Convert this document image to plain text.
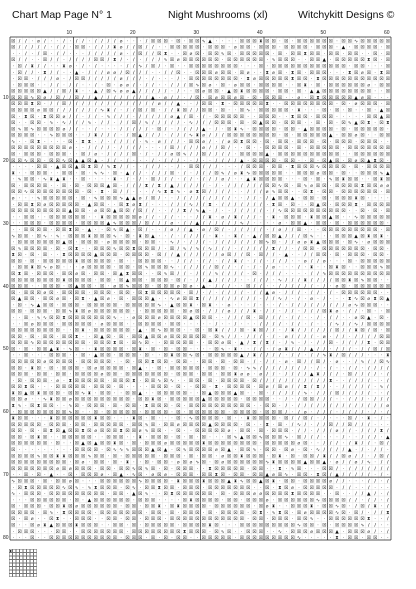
Chart Map Page N° 1	Night Mushrooms (xl)	Witchykitt Designs ©
10	20	30	40	50	60
10
20
30
40
50
60
70
80
☒ / / · ⌀ / · · / · / / · / / / / ⌀ · · · / ☒ ☒ ☒ · ☒ · ☒ ☒ ∿ ▲ · · · · ☒ ☒ ☒ ⧗ ☒ ☒ · ☒ · ☒ ☒ ☒ ☒ ☒ ☒ · ☒ ☒ ∿ ☒ ☒ ☒ ☒ ☒
☒ / / / / / · / / · ☒ ☒ · / / / ⧗ ⌀ / / ☒ / / · · ☒ ☒ ☒ ☒ ☒ · ☒ ☒ ☒ · ⌀ ☒ ☒ · ☒ ☒ ☒ · ☒ ☒ ☒ ☒ · ☒ ☒ ☒ · ▲ · ☒ ☒ ☒ ☒ · ☒
· · / · / ☒ · / / · · · / / / / / ⌀ · / ☒ / / ☒ ⧗ · · ☒ ⌀ ☒ · ☒ ☒ ∿ ☒ · ☒ ☒ ☒ ☒ ☒ · ☒ · ☒ ☒ ⧗ ☒ ☒ · ☒ ☒ · ☒ ☒ · · ☒ · ☒
☒ / / · · ☒ / / · / / / / ☒ ☒ / ⧗ / · / · / / / ∿ ☒ ⌀ ☒ ☒ ☒ ☒ ☒ ☒ · ☒ ☒ ☒ ☒ ☒ ☒ · ∿ ☒ ☒ ☒ · · ☒ ☒ ▲ · ☒ ☒ ☒ ☒ ☒ ⧗ ☒ · ☒
· ☒ / ⧗ / / · · ⧗ ⌀ · / · / · · · · / / ∿ / ☒ / · ☒ · · ☒ ☒ ☒ ☒ ☒ ☒ ☒ ☒ · · · ☒ · ☒ ☒ ☒ ☒ ☒ ☒ ☒ ☒ ☒ ☒ ☒ ☒ · ☒ ☒ · · · ☒
· ☒ / / · ⧗ / / · · ▲ · / / / ⌀ ⌀ / ☒ / / / · · / / ☒ · · ☒ ☒ ☒ ⌀ ☒ ☒ · ☒ ⌀ · · ⧗ ⌀ ☒ · ⧗ ☒ · ☒ ☒ ☒ · · · ⧗ ☒ ⌀ ☒ · ⧗ ☒
· ☒ ☒ · / / / ⌀ · / ☒ ☒ / / / / / ⌀ / / / · / · · · / · ☒ ☒ ☒ ☒ ☒ ☒ ☒ ☒ · ⧗ ⌀ ☒ ☒ ☒ ☒ ☒ ⧗ ☒ ☒ · ⧗ ☒ ☒ ☒ ☒ ☒ ☒ ☒ ☒ ☒ ☒ ☒
· ☒ ☒ ☒ · · / / · / / · · / · ☒ · ⌀ ⌀ / · / / · · / / / ☒ ∿ ☒ ⌀ · ☒ · ⌀ ☒ ☒ · ☒ ☒ ☒ ☒ · · ☒ ⧗ · ☒ · ☒ ☒ ☒ ☒ ☒ ☒ ⌀ · ☒ ☒
☒ ☒ ☒ ☒ ☒ ▲ / / ☒ / ⧗ · · ▲ / ☒ ∿ ⌀ ⌀ ▲ / / / / / · / · · ☒ ⌀ ☒ ☒ · ▲ ☒ ⧗ ☒ ☒ ☒ ☒ · ☒ ☒ · ☒ · ▲ ▲ ☒ ☒ ☒ ☒ ☒ ☒ ☒ ☒ · · ☒
☒ ☒ ☒ ∿ ☒ ⌀ / ☒ / / ☒ / / ▲ / / / / / / / / ▲ · ⌀ / / · / ☒ · ☒ ⌀ ☒ ☒ ⌀ ☒ · ☒ · ☒ ☒ ☒ · · ⌀ · ☒ ⧗ ☒ ☒ ☒ ☒ ☒ ▲ ⌀ ☒ · · ·
☒ ☒ ☒ ⧗ ☒ · / / ☒ / / / / / / / / / / / / / / ⌀ / / ▲ · · / ☒ ☒ · ⧗ · ☒ ☒ ☒ ☒ ☒ ⧗ · · ☒ ☒ ☒ ☒ ☒ ☒ ☒ ☒ · ☒ · ⌀ ☒ ☒ ☒ · ☒
☒ ☒ ☒ ☒ ⌀ ☒ ☒ / / / / / / / ∿ ⧗ / · / / ☒ / ☒ · / / ⧗ ☒ / / ☒ ☒ · ☒ · · ☒ ∿ · ☒ ☒ ☒ ☒ ☒ · ⧗ · · · ☒ · ☒ · ☒ · · ☒ · ▲ ☒
☒ · ⧗ ☒ · ⧗ ☒ ☒ ⌀ / / · / / · ∿ / / / · / / / / / ⌀ ▲ / ☒ · / · ☒ ☒ ☒ ☒ ☒ · · ☒ ☒ ☒ · · ⧗ ☒ ☒ · ☒ ☒ ☒ · · · · · ☒ ☒ ▲ ☒
☒ · · ☒ ☒ · ∿ · ∿ / / / ∿ · / / · / / ☒ / ∿ / / / / / · ∿ / / / ☒ ☒ ☒ · ☒ · ☒ ▲ ☒ ☒ · ☒ ☒ ☒ · · ☒ · ☒ · ☒ ∿ ▲ ☒ ⧗ · ☒ ⧗
☒ ∿ ☒ ∿ ☒ ☒ ☒ ☒ ⌀ / / · · / · · · / / / / / · ☒ / · / / / / ▲ · / · ☒ ⧗ ∿ · ☒ ☒ ☒ ☒ · ☒ ☒ · ▲ ☒ ☒ ☒ ☒ · ☒ · ☒ ☒ ☒ ☒ ☒ ·
☒ ☒ ☒ ☒ · · ∿ ☒ ☒ ☒ · · / ⧗ / / / · / ☒ ▲ / / / · / / / ∿ ⧗ ⌀ / / / ☒ ☒ ☒ ☒ ☒ ☒ ☒ ☒ · ☒ · ☒ ☒ ☒ ☒ ☒ ▲ · ☒ ☒ ⌀ ☒ · · ☒ ☒
∿ · · ☒ ⧗ · · · · ☒ · ⧗ ⧗ · / · / / / / · ∿ · ⌀ / / / · ☒ ☒ ⌀ / · / ⌀ ☒ ⧗ ☒ ☒ · ☒ · ☒ ☒ · ☒ ☒ ☒ · ☒ · ☒ ☒ ☒ · ☒ ☒ ☒ · ·
☒ ☒ ☒ ☒ ☒ ☒ ☒ ☒ ☒ ⌀ · · / / / / · / / / / · · · / ☒ / / / / ⌀ / / ☒ / · · ☒ · · ☒ ☒ ☒ ☒ · ☒ · ☒ ☒ ☒ ☒ ☒ · ☒ ☒ ☒ ☒ ☒ ☒ ☒
☒ · ☒ ☒ ☒ · ☒ ☒ ☒ · · ☒ / ⌀ · / / / / ☒ · / · / / ⌀ ☒ ∿ / / ☒ / / / / · ☒ ☒ ☒ ☒ ▲ · ☒ ☒ ☒ ☒ ☒ ☒ ☒ ☒ ☒ ☒ · · ☒ ☒ ☒ ☒ ☒ ☒
☒ ☒ ∿ ☒ ☒ · ☒ ☒ ∿ ☒ ▲ ▲ ☒ ▲ · / / · / · · · / · / / / · · / · · / / / / ▲ · ☒ ☒ ☒ ☒ · ☒ ☒ · · ☒ · ☒ ▲ ☒ · ☒ ⌀ ☒ ▲ ⧗ ☒ ·
· · · · ☒ ☒ · ▲ ☒ ☒ ▲ ☒ ⧗ ☒ / ∿ ⧗ / / · · / / / · · / · ☒ ☒ / / / · · · / ☒ ☒ ☒ · ☒ ☒ · ⧗ ☒ ☒ ☒ ∿ ☒ ☒ ☒ ☒ · ☒ · ☒ ☒ ☒ ☒
⧗ · · ☒ ☒ ☒ · · ☒ ☒ · ☒ · ∿ ∿ · ☒ · ▲ / / · / / / ☒ · / · / / / ☒ ∿ / ⌀ ⧗ ∿ ☒ ☒ ☒ ☒ ☒ · · ☒ ☒ ☒ ⌀ ☒ ☒ · ☒ · · ☒ ☒ ☒ ∿ ▲
· ∿ ☒ ☒ · ∿ ⧗ ▲ ⧗ · · ☒ · · · · ⧗ · / · / · ☒ / / / · / / · / / / ⌀ / · · ▲ ⧗ ☒ ☒ ☒ ☒ · · · ☒ · ☒ · ∿ ☒ ⧗ ☒ ☒ · · ☒ ⧗ ☒
☒ · ☒ ☒ ☒ ☒ · · ☒ · ☒ · ☒ ☒ ☒ ▲ ☒ · / / / ⧗ / ⧗ / ▲ / / / / / · / · / / / / / / ☒ ☒ ∿ ☒ · ☒ ∿ ⌀ ☒ ☒ · ☒ ☒ ☒ ☒ ⧗ ☒ ☒ ⌀ ⌀
☒ ☒ ∿ ☒ ☒ ☒ ☒ ☒ ☒ ☒ ☒ · ☒ · ⧗ · ☒ / / · · · / ∿ ⧗ ⧗ ∿ · ⌀ ⧗ ☒ / / / / · · / / / ⌀ ∿ ☒ ☒ · · ☒ ⧗ · ☒ ☒ · ☒ ☒ ☒ ☒ ☒ ☒ · ☒
⌀ · · · ∿ ☒ ☒ ☒ ☒ ☒ · ☒ · ∿ ☒ ☒ ☒ ∿ ▲ ▲ ⌀ / ☒ / · · / / / / / / / / / · · / / · / ▲ ☒ ☒ ▲ · ☒ ☒ · ☒ · ☒ ☒ ☒ ⧗ ☒ · · · ·
· ☒ ☒ ⧗ ☒ ⌀ ☒ ☒ ☒ ☒ ☒ · ▲ ☒ ☒ · · ☒ ⧗ ⌀ ⧗ / · · · / / / ∿ / / ⧗ · / / / / / / / · ⧗ ☒ · ☒ · · ☒ ▲ ☒ · ☒ ☒ ☒ ⧗ · ☒ ☒ ☒ ☒
☒ ☒ ☒ ☒ ☒ ☒ ☒ ☒ ☒ ▲ ☒ ☒ · ⌀ ☒ ☒ ▲ ☒ ☒ / ☒ / / · · / / ⧗ / ∿ ▲ · / · · / / / / / · / ∿ ☒ ☒ ☒ ☒ ☒ ☒ ☒ ☒ ☒ ☒ · · ☒ · ☒ · ☒
· · ☒ ☒ · · ☒ ☒ ☒ ☒ ☒ ☒ · · ⧗ ☒ ☒ ☒ ☒ ☒ ⌀ / / · / / · · · / / ⧗ · ⌀ / ⧗ / / / · · ⧗ · ☒ ☒ ☒ · ⧗ ☒ ☒ ▲ ☒ · · ∿ ☒ ☒ ☒ ☒ ☒
· · ☒ ☒ ☒ · ☒ ☒ ☒ ☒ · ☒ ☒ ☒ ☒ ▲ ∿ ☒ ☒ ☒ / ☒ / / / ⌀ · / / ▲ / / / / / / ∿ / · · · · ⌀ · ☒ ☒ ▲ · ☒ ☒ · ☒ · ☒ ☒ ☒ ☒ ☒ ☒ ·
· · ☒ ☒ ☒ ☒ · ☒ ☒ ⧗ ☒ · ▲ · · ☒ ∿ ☒ ▲ · ☒ / · · / ⌀ / / ▲ · ⌀ / ☒ / · / / / / / · / ⌀ / / ☒ · · · ☒ ☒ ☒ ☒ ☒ ☒ ☒ ☒ ☒ · ☒
∿ ☒ ☒ · ☒ ∿ · ∿ · ☒ ☒ ☒ ⧗ ☒ ☒ ☒ ∿ · ☒ · ⧗ ☒ ▲ · · / · / / / / · ⧗ · · ⧗ / · ▲ / ☒ ☒ ▲ / / / ☒ ∿ · · · ☒ ☒ ☒ ▲ ☒ ⧗ ☒ ⧗ ·
· ☒ ☒ ☒ ☒ ☒ ☒ ☒ ▲ ☒ · ☒ ☒ ☒ · ⌀ ☒ ☒ ☒ ☒ · ☒ ☒ · · ∿ / · / / / · / / / / / / / ☒ ∿ ☒ · / / ⌀ ⌀ ⧗ ▲ ☒ ☒ ☒ · ☒ ∿ · ⌀ ☒ ☒ ☒
☒ ∿ ☒ ☒ ☒ ☒ · ☒ · ☒ ⧗ · · ☒ ☒ ☒ ∿ ☒ ☒ ⧗ ☒ ☒ ☒ / · ☒ / ∿ / ∿ / ∿ / / / · / / / / / ⧗ / / · / ☒ ☒ · ☒ ☒ ☒ ☒ ☒ ☒ ☒ · ☒ ☒ ·
⧗ ☒ · ☒ · ☒ · · ⧗ ☒ ☒ ☒ ☒ ▲ ☒ ☒ ☒ · ☒ ☒ ☒ ☒ · ☒ / / ▲ / / / / / / ⌀ ☒ / / ☒ · ☒ / / · ▲ · · / / ☒ ☒ · ☒ · ☒ ☒ ☒ · ☒ ☒ ·
☒ ☒ · ☒ · ☒ ☒ ☒ ☒ ☒ ⧗ ☒ ☒ ☒ ☒ ☒ · ☒ · · ☒ ☒ ☒ ☒ · · / / / · / / · / / ⧗ / · / / · / / / · · ⌀ / / ⌀ · · · ☒ · ☒ ☒ ☒ ☒ ☒
· ☒ ☒ ⧗ ☒ ∿ ⌀ ☒ · · · ⌀ ☒ ☒ ☒ ☒ · ☒ ☒ · ☒ ∿ ☒ ☒ ☒ ∿ · / / / / / ☒ / / · / · / · / ⌀ · · · / · ⧗ · · ☒ ⧗ ☒ · · ☒ ☒ ☒ ∿ ☒
☒ ⧗ ☒ · ☒ ☒ ☒ · ☒ ☒ ⌀ ☒ · ☒ ☒ · ☒ ▲ ⧗ ☒ ☒ · · ☒ ∿ ☒ / / · / / / ∿ / / / / · ☒ · / / / · · · · / / ∿ ☒ ☒ ☒ ☒ ☒ ☒ ☒ ☒ ☒ ☒
☒ ☒ ☒ ☒ ☒ ☒ ☒ ☒ ⧗ ☒ ☒ ☒ ☒ · ☒ ☒ · ☒ ▲ ☒ ☒ · ☒ ☒ ☒ · ☒ / · / / ▲ / / / / · · / / / · ∿ / / / ⧗ / / / / ☒ ☒ ⧗ ☒ ∿ ☒ ☒ · ·
☒ ☒ ☒ · · ☒ ☒ ☒ · ☒ ▲ ☒ ☒ · ☒ · ⌀ ☒ ∿ ☒ ☒ ☒ · ☒ ☒ ☒ ⌀ ☒ ⌀ · ▲ · / / / · · ☒ / / · · / / / / / / · / · ⌀ ☒ · ☒ ☒ ☒ ☒ ☒ ☒
☒ · ☒ ☒ ☒ ⌀ ☒ · ☒ ☒ ☒ ☒ · ☒ ☒ ☒ · ☒ ☒ · ☒ ⧗ ☒ ☒ ☒ ☒ ☒ · ☒ / · / · / / / / · / / ▲ ⌀ · / / / · / / · / · ☒ ☒ ☒ ☒ ☒ ☒ · ·
☒ ▲ ☒ ☒ · ☒ ☒ ⌀ ☒ · ☒ ⧗ · ▲ ☒ ⌀ · ☒ · ☒ ☒ ☒ ▲ · · ∿ ⌀ ☒ ☒ ⧗ / / / / / / / / / · / / ∿ / · / · ⌀ · / · · · ⧗ ∿ ☒ ⌀ ⧗ ☒ ▲
· ☒ · ∿ ▲ ☒ ☒ · ☒ ☒ ☒ · ☒ ☒ ☒ ☒ ☒ · ☒ ☒ ☒ ☒ ☒ ∿ · ▲ ☒ ☒ ⧗ · ☒ ⧗ · · ⌀ · · · / · · · / · / / / / / / / / / ⌀ ∿ ☒ ☒ ☒ · ·
☒ ☒ · ☒ ☒ ☒ · ☒ ☒ ∿ ⧗ ☒ ⌀ ☒ ☒ ☒ ☒ ☒ ☒ · · ☒ ☒ ☒ ☒ ☒ · ☒ ⌀ ☒ · / / / ⌀ / / / ⧗ · / / · / / · / / / ☒ ⧗ ⌀ · / / · ☒ · · ☒
· · ☒ · ∿ ∿ ☒ ☒ ⧗ ☒ ☒ ☒ ☒ ☒ ☒ ☒ ∿ · · ⌀ ☒ ☒ ☒ ⌀ ☒ ☒ ☒ ☒ ▲ ☒ ☒ ☒ · · / / / ☒ · ☒ / / / · / / · · / · / / · · ⌀ ☒ ▲ · ☒ ·
· · ☒ ⌀ ☒ ☒ ☒ · ☒ ☒ ☒ ☒ ☒ · ⌀ ☒ ☒ ☒ · · ☒ ☒ ☒ ☒ · ☒ ☒ · · · · · / · · / · · · / / / / · / / · / · · / ∿ / / ∿ / ☒ ☒ ☒ ☒
☒ ☒ ☒ ☒ ☒ ☒ ☒ ☒ · · ☒ ⧗ · ☒ ☒ ☒ ☒ ☒ ☒ · ▲ · ☒ ∿ ☒ ☒ ☒ · · ☒ · ☒ ⧗ / / / ☒ · ⧗ ☒ / / · / ⧗ / / / / / / ☒ / / ⧗ ☒ / ☒ · ☒
☒ ☒ · ☒ · ☒ ☒ · ☒ ☒ ⧗ · · ☒ ▲ ☒ · ☒ · ☒ ☒ ▲ ☒ ☒ ⌀ ☒ ☒ ☒ ☒ ☒ ☒ · ☒ ∿ / / · / / / · / · ⌀ / / / / · ⌀ · / / · / / / / ☒ ☒
☒ ☒ ☒ ∿ ☒ ☒ ☒ ☒ ☒ ☒ ☒ ☒ · ☒ ☒ ☒ ⧗ ☒ · ☒ ∿ ☒ · · ☒ ☒ ☒ ☒ ☒ · · ☒ ☒ ⌀ ☒ · ▲ / ⧗ / ⧗ / · / ∿ · / · / / ☒ · / / / / ⧗ · ☒ ☒
☒ · ☒ · ☒ ☒ ▲ ⧗ · ∿ ☒ · · ⧗ ☒ ☒ ☒ ☒ · ☒ ⧗ · ☒ · ☒ · ☒ ☒ · · · · ☒ ∿ · ⧗ · · / / · / ⌀ ⧗ / / / ▲ / / · / / / · / / ☒ / ☒
· · ☒ · · · ☒ ☒ ☒ · · ☒ · ▲ ☒ ☒ · ☒ ☒ ☒ · ☒ · · ☒ ⧗ ☒ ☒ ∿ ☒ · ☒ ☒ ☒ ☒ ☒ ▲ / ⧗ / / / / · / / · / / ∿ ⧗ / ☒ / / / · · · ⧗
☒ ☒ ☒ ☒ ☒ ⌀ ☒ ☒ ☒ ☒ · ☒ ☒ ☒ ☒ ☒ · · ☒ · ☒ ☒ ⧗ ☒ ☒ · ☒ ☒ · · ☒ ☒ · ☒ · ☒ ☒ · / · / / · ⌀ · ☒ / / ☒ / · ⌀ · · / ∿ / / ☒ ∿
☒ ☒ · ⧗ ☒ · ☒ · ☒ ☒ ☒ · ☒ ⌀ ☒ ☒ ☒ ☒ · ☒ ▲ · · ☒ · ☒ ☒ ☒ ☒ ☒ · ☒ ☒ ☒ · ☒ · ∿ ∿ / / / / / / / / · / · / · · / / · / / / /
☒ ☒ ☒ · ☒ ☒ · ☒ ☒ · ☒ ☒ ☒ ☒ ⌀ ☒ ☒ · ☒ ☒ ☒ ☒ ☒ ☒ ☒ · ☒ ☒ ☒ · ☒ ☒ · ☒ ☒ ⧗ ⌀ ⌀ · ⌀ / / · / / / / ▲ ⧗ / / / · ☒ / / / / · /
· ☒ · ☒ ☒ ☒ · ⌀ · ⧗ ☒ ☒ ☒ ☒ ☒ · ☒ ☒ ☒ ⧗ · ☒ ☒ ∿ ☒ ∿ · · ☒ ☒ · ☒ · ☒ ☒ ☒ ☒ · ☒ / / / / / / / / / / / ⧗ · · / / / / · · /
☒ ☒ ⧗ ☒ · · · ☒ ☒ ☒ ☒ ☒ · ☒ ☒ ☒ · ☒ · · · · ☒ ☒ ☒ · ☒ · · ☒ ☒ · ⧗ · ☒ ☒ ☒ ☒ · ☒ ⌀ / ☒ ⌀ / / ⧗ / ⧗ / · · / / / / / · ∿ /
⧗ ☒ ▲ ☒ ⧗ ☒ ☒ ☒ · ☒ ☒ ∿ ⧗ · ☒ ☒ · · ☒ ☒ ▲ · · ☒ ☒ ☒ ☒ ☒ · · ☒ ▲ ☒ ☒ ☒ ▲ ☒ · · ☒ · / / / / / ∿ · / / / ☒ / / / / / · · /
☒ ☒ ⌀ · · ∿ ⧗ ☒ ☒ ⌀ ☒ ☒ ☒ ☒ ☒ ☒ ☒ ☒ ☒ · ☒ ☒ ⧗ ☒ · ☒ ☒ ☒ ☒ ☒ ▲ ☒ ☒ ☒ ☒ ☒ · ☒ ☒ ☒ ☒ · · / · / ☒ ☒ / / / · · / / / · / / /
⧗ ∿ · ☒ ⧗ ☒ ☒ · · ∿ ☒ · ☒ ☒ ☒ · ☒ · ☒ ☒ · ⧗ ☒ ☒ ☒ · ☒ · ☒ ☒ ☒ ☒ ☒ ☒ ☒ ☒ ☒ ☒ · · ☒ ☒ · / · / / / / / / / / / / / / / / ⌀
· ☒ ☒ ☒ ☒ ☒ ☒ ☒ ☒ ∿ ☒ · · ☒ · ☒ ☒ ☒ ☒ ☒ · ☒ ☒ ☒ ☒ · ☒ · ☒ ☒ ☒ ☒ ☒ ☒ · ☒ ☒ ☒ ☒ · ☒ ☒ ☒ / · / ⌀ · / / / · / / / / · / · /
⧗ ☒ ☒ · · · ⧗ ☒ ☒ ☒ ☒ ☒ ☒ ⧗ ☒ ☒ · · · ⧗ ☒ · ☒ · · · ☒ · ∿ ☒ ☒ ☒ ☒ · ☒ · · ⧗ ☒ ☒ ☒ ☒ · ☒ / / ☒ / · / · · · ☒ / · ⧗ · / ·
☒ ☒ ☒ ☒ ☒ · ☒ ☒ ☒ · ☒ ☒ · ☒ ☒ ☒ ☒ ☒ · ☒ ☒ ∿ ☒ · ☒ ☒ ⌀ ☒ ☒ ☒ ☒ ▲ ☒ ☒ ☒ ☒ · ☒ · · ⧗ · ☒ · / ∿ / · / / ☒ / / ☒ / / / · · ·
☒ ☒ · ☒ · ☒ ⧗ ☒ ▲ ☒ ☒ ⧗ ☒ ⌀ ☒ ☒ ☒ ⧗ ☒ ☒ ⌀ ∿ ☒ ☒ · · ☒ · · ☒ ☒ ☒ ☒ ☒ ⌀ · ☒ ☒ · ☒ · ☒ ☒ ☒ · / / · / / / ⌀ / / · / / / ⧗ /
☒ ☒ · ☒ ⧗ ☒ · · ☒ ☒ ☒ ☒ ☒ · · ☒ ☒ ☒ · · ⧗ · ☒ ☒ ☒ · ☒ · ☒ · ☒ · · · ☒ ∿ ▲ ☒ ☒ ∿ ☒ ☒ ☒ ∿ · ☒ / / / · · · / · · / / / · ▲
☒ ☒ ☒ ☒ ☒ ☒ · ☒ · · ☒ ▲ ☒ ▲ ☒ ☒ ⧗ ☒ · ☒ · ☒ ☒ ☒ ⌀ ☒ ☒ ☒ ☒ ☒ ⧗ ☒ ☒ ☒ ☒ ☒ ☒ ☒ ☒ · ☒ ☒ ☒ ☒ ☒ ⌀ ☒ · · / / / · / ⧗ / / · ☒ /
☒ · · · · · · · · · ☒ ☒ ☒ ☒ · ☒ ∿ ∿ ∿ ☒ ☒ ☒ ▲ ☒ ▲ · ☒ ∿ ☒ ☒ ☒ ☒ ⌀ ☒ ▲ · ☒ ☒ ∿ · ☒ ☒ · ☒ ⌀ · ☒ · ∿ / / / / ▲ · / · / / ·
☒ ☒ ☒ ☒ ∿ ☒ ☒ ⧗ ⧗ ☒ ☒ ☒ ∿ ☒ ☒ · ☒ · ☒ ☒ ☒ ☒ ☒ · ☒ ☒ ☒ · ☒ · ☒ ☒ · ⌀ ☒ ☒ ⧗ ☒ ☒ ☒ · ☒ ⧗ · ☒ · ☒ ☒ / ⧗ / / ☒ ⌀ / / · / ☒ /
☒ ☒ ☒ ☒ ☒ ☒ ☒ ☒ ☒ · ☒ ⌀ · ☒ ☒ · ☒ · ⧗ · · ☒ · ☒ ☒ · ⌀ ☒ ⌀ ∿ ☒ · ☒ ⌀ ☒ ☒ ☒ ☒ ☒ ☒ ∿ ⧗ ☒ ☒ ☒ ☒ ▲ ☒ ☒ ▲ · ⌀ / / ⌀ / ∿ · / /
☒ ☒ ☒ ☒ ☒ ☒ ☒ ⌀ ☒ ⌀ ☒ ☒ ☒ · ☒ ☒ · ☒ ☒ ∿ ☒ ∿ ☒ · ☒ · ☒ ☒ ☒ · · ⧗ ☒ ☒ ☒ ☒ ☒ · ☒ ☒ · · ⧗ · ∿ ☒ · · · ☒ ☒ / · / / / / / / /
· · ☒ · ☒ · ▲ · · ☒ · ☒ ☒ ☒ ⌀ · ☒ ▲ · ∿ ☒ · ⌀ ☒ ⌀ · ☒ ☒ ☒ · ☒ ☒ ⧗ ☒ · ☒ ☒ · ☒ ☒ ▲ ⌀ ☒ ∿ · ☒ ☒ · ⧗ ☒ / ▲ / / / / / · / ·
∿ ☒ ☒ ☒ · ☒ · ☒ ☒ ⌀ ☒ · · · ☒ ☒ ☒ ☒ ☒ ☒ ∿ ☒ ☒ ☒ ☒ · ⧗ ☒ ☒ ☒ ⧗ ☒ ☒ ☒ ▲ ⧗ ∿ ☒ ☒ ▲ ☒ ⧗ · ☒ ☒ · ☒ ☒ ☒ ☒ ⌀ / / · · · / / · /
· ☒ ⧗ ☒ ☒ ☒ ☒ ☒ ∿ ☒ ∿ · ∿ ⧗ ☒ ☒ ☒ · ☒ ∿ · ☒ ☒ ⧗ ☒ ☒ · ☒ ☒ ☒ · ☒ ☒ ☒ ☒ ☒ ☒ ☒ · · ☒ · ⧗ ☒ ⌀ · ☒ ☒ ☒ ☒ ☒ · / / · · / · · ·
∿ · ☒ ☒ ☒ · ☒ ☒ ☒ ☒ ☒ ☒ ☒ ☒ ☒ · ☒ ☒ · ▲ ☒ ∿ · · ☒ ⧗ ☒ ☒ ☒ ☒ ☒ ☒ · ☒ · ☒ ☒ ☒ ⌀ ⌀ ☒ ☒ ☒ ☒ ⧗ ☒ ☒ ☒ ☒ · · ☒ · · / / ▲ / · /
· · · ☒ ☒ ☒ ☒ ☒ ☒ · ☒ · ▲ ☒ ☒ ☒ ☒ ☒ ☒ · ☒ ☒ ☒ · · · · ☒ ⧗ ☒ ☒ ☒ ☒ · ☒ ☒ · ☒ ☒ ☒ ⌀ · ☒ ☒ ☒ ☒ ☒ ☒ ∿ ☒ ☒ ☒ ☒ / / · / / · /
☒ · ☒ ☒ ☒ · ☒ ☒ ⧗ ☒ ⌀ ☒ ☒ ☒ ☒ ☒ ☒ · ☒ ☒ · ☒ ☒ ⧗ · ☒ ⧗ ☒ ☒ ☒ ☒ · ☒ ☒ ☒ ☒ ☒ ☒ · ☒ ⌀ ⧗ · · ☒ ☒ ☒ ⧗ · ☒ ☒ ∿ ☒ · / ☒ / ⧗ · /
☒ ☒ ☒ ☒ · ☒ ∿ · ⧗ ☒ ☒ ☒ ☒ · ☒ ☒ ☒ ☒ ☒ ☒ ☒ · ☒ ☒ · ☒ · ☒ ☒ ☒ · ☒ · ☒ ☒ ☒ ☒ · ☒ ⧗ · ∿ ⧗ ☒ · ☒ ⌀ ☒ ☒ ☒ ☒ ∿ ☒ · ☒ / · / / ⧗
☒ · ☒ ⌀ · · ☒ ⧗ · · ☒ ☒ ☒ · · ☒ ☒ · ☒ ☒ · ☒ ☒ ☒ · ☒ ☒ ☒ ☒ ☒ ☒ ☒ ☒ ☒ ☒ ☒ ☒ · ☒ ☒ · ☒ ☒ ☒ · ☒ ☒ ∿ · · ☒ ☒ ☒ ☒ ☒ ☒ ⧗ · · /
☒ · · ☒ ⌀ ⧗ ▲ ☒ ☒ ☒ ⧗ ☒ ☒ ☒ · · ☒ ☒ · ☒ · ☒ ☒ ☒ ☒ ☒ · ☒ ☒ ☒ ☒ ⧗ ☒ · · · ☒ ☒ ☒ ☒ ☒ ☒ ☒ ☒ ☒ ∿ ☒ ☒ · ☒ · ☒ ☒ ☒ ☒ ∿ / / · ·
· ☒ ☒ ☒ · · · ☒ ☒ · · ☒ ☒ ☒ ☒ ☒ ☒ ☒ · ☒ ☒ ☒ ☒ ☒ ☒ ☒ ☒ ⧗ ☒ ☒ ☒ · ☒ ∿ ☒ · · ☒ ☒ ☒ · · ∿ · ☒ ☒ ☒ ⌀ ☒ ☒ ☒ ▲ · ☒ ☒ ☒ ⌀ / · /
· · · ☒ · · ☒ ☒ ☒ ☒ ☒ ☒ ☒ ☒ ☒ ☒ ☒ · ☒ ☒ ☒ · ☒ · ☒ · ☒ ☒ · · ☒ ☒ ☒ ☒ ☒ · ☒ ☒ ☒ ☒ ☒ ☒ ☒ ☒ ☒ ∿ · · · · · ⧗ · ☒ ☒ · ☒ ☒ · ·
⧗
